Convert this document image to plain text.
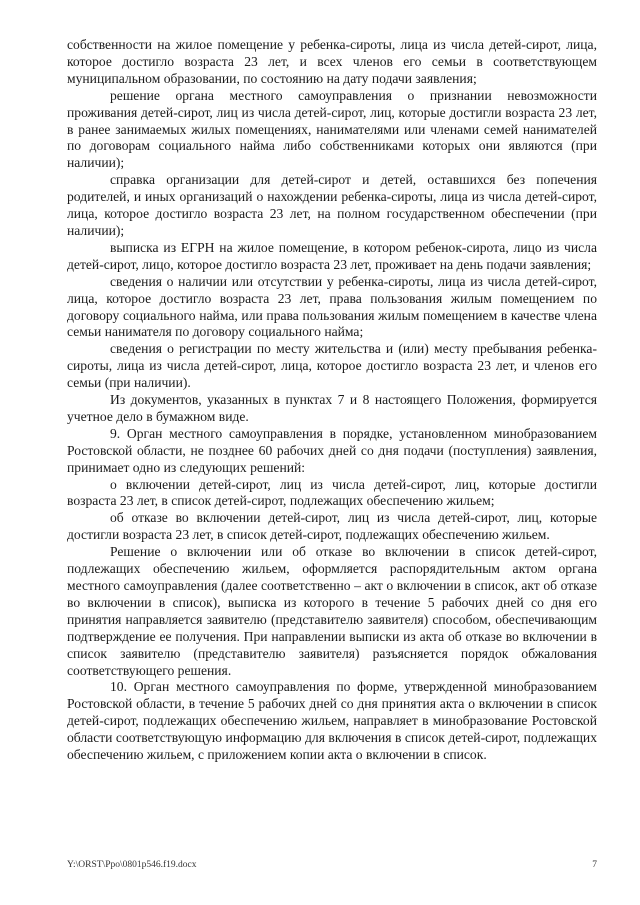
собственности на жилое помещение у ребенка-сироты, лица из числа детей-сирот, лица, которое достигло возраста 23 лет, и всех членов его семьи в соответствующем муниципальном образовании, по состоянию на дату подачи заявления;

решение органа местного самоуправления о признании невозможности проживания детей-сирот, лиц из числа детей-сирот, лиц, которые достигли возраста 23 лет, в ранее занимаемых жилых помещениях, нанимателями или членами семей нанимателей по договорам социального найма либо собственниками которых они являются (при наличии);

справка организации для детей-сирот и детей, оставшихся без попечения родителей, и иных организаций о нахождении ребенка-сироты, лица из числа детей-сирот, лица, которое достигло возраста 23 лет, на полном государственном обеспечении (при наличии);

выписка из ЕГРН на жилое помещение, в котором ребенок-сирота, лицо из числа детей-сирот, лицо, которое достигло возраста 23 лет, проживает на день подачи заявления;

сведения о наличии или отсутствии у ребенка-сироты, лица из числа детей-сирот, лица, которое достигло возраста 23 лет, права пользования жилым помещением по договору социального найма, или права пользования жилым помещением в качестве члена семьи нанимателя по договору социального найма;

сведения о регистрации по месту жительства и (или) месту пребывания ребенка-сироты, лица из числа детей-сирот, лица, которое достигло возраста 23 лет, и членов его семьи (при наличии).

Из документов, указанных в пунктах 7 и 8 настоящего Положения, формируется учетное дело в бумажном виде.

9. Орган местного самоуправления в порядке, установленном минобразованием Ростовской области, не позднее 60 рабочих дней со дня подачи (поступления) заявления, принимает одно из следующих решений:

о включении детей-сирот, лиц из числа детей-сирот, лиц, которые достигли возраста 23 лет, в список детей-сирот, подлежащих обеспечению жильем;

об отказе во включении детей-сирот, лиц из числа детей-сирот, лиц, которые достигли возраста 23 лет, в список детей-сирот, подлежащих обеспечению жильем.

Решение о включении или об отказе во включении в список детей-сирот, подлежащих обеспечению жильем, оформляется распорядительным актом органа местного самоуправления (далее соответственно – акт о включении в список, акт об отказе во включении в список), выписка из которого в течение 5 рабочих дней со дня его принятия направляется заявителю (представителю заявителя) способом, обеспечивающим подтверждение ее получения. При направлении выписки из акта об отказе во включении в список заявителю (представителю заявителя) разъясняется порядок обжалования соответствующего решения.

10. Орган местного самоуправления по форме, утвержденной минобразованием Ростовской области, в течение 5 рабочих дней со дня принятия акта о включении в список детей-сирот, подлежащих обеспечению жильем, направляет в минобразование Ростовской области соответствующую информацию для включения в список детей-сирот, подлежащих обеспечению жильем, с приложением копии акта о включении в список.

Y:\ORST\Ppo\0801p546.f19.docx	7
